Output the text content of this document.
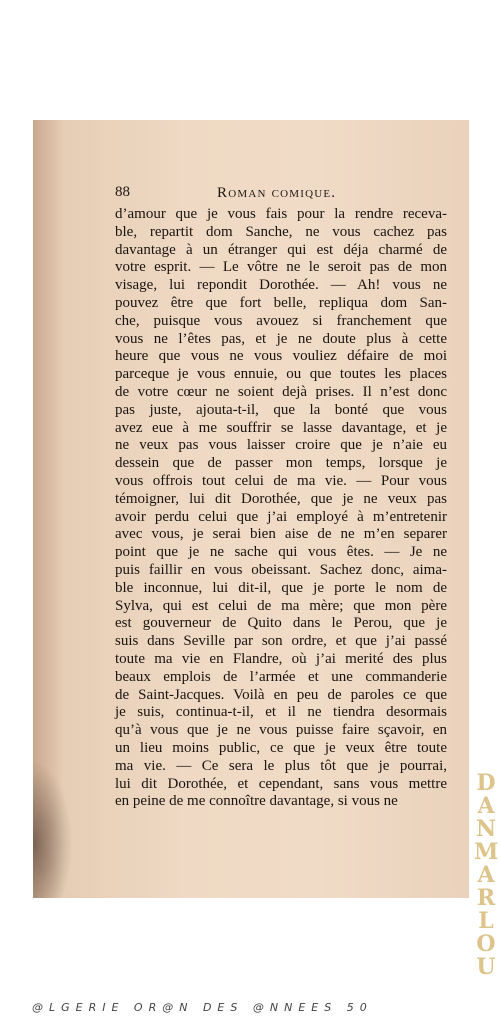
88	Roman comique.

d’amour que je vous fais pour la rendre receva-
ble, repartit dom Sanche, ne vous cachez pas
davantage à un étranger qui est déja charmé de
votre esprit. — Le vôtre ne le seroit pas de mon
visage, lui repondit Dorothée. — Ah! vous ne
pouvez être que fort belle, repliqua dom San-
che, puisque vous avouez si franchement que
vous ne l’êtes pas, et je ne doute plus à cette
heure que vous ne vous vouliez défaire de moi
parceque je vous ennuie, ou que toutes les places
de votre cœur ne soient dejà prises. Il n’est donc
pas juste, ajouta-t-il, que la bonté que vous
avez eue à me souffrir se lasse davantage, et je
ne veux pas vous laisser croire que je n’aie eu
dessein que de passer mon temps, lorsque je
vous offrois tout celui de ma vie. — Pour vous
témoigner, lui dit Dorothée, que je ne veux pas
avoir perdu celui que j’ai employé à m’entretenir
avec vous, je serai bien aise de ne m’en separer
point que je ne sache qui vous êtes. — Je ne
puis faillir en vous obeissant. Sachez donc, aima-
ble inconnue, lui dit-il, que je porte le nom de
Sylva, qui est celui de ma mère; que mon père
est gouverneur de Quito dans le Perou, que je
suis dans Seville par son ordre, et que j’ai passé
toute ma vie en Flandre, où j’ai merité des plus
beaux emplois de l’armée et une commanderie
de Saint-Jacques. Voilà en peu de paroles ce que
je suis, continua-t-il, et il ne tiendra desormais
qu’à vous que je ne vous puisse faire sçavoir, en
un lieu moins public, ce que je veux être toute
ma vie. — Ce sera le plus tôt que je pourrai,
lui dit Dorothée, et cependant, sans vous mettre
en peine de me connoître davantage, si vous ne

D
A
N
M
A
R
L
O
U
@LGERIE OR@N DES @NNEES 50
